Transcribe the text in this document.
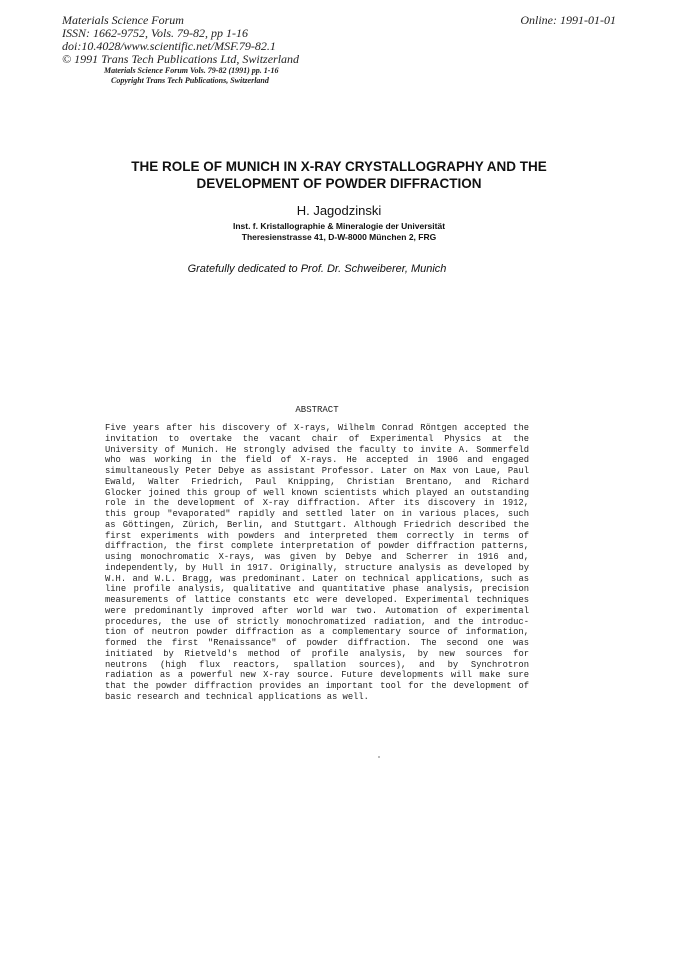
Materials Science Forum
ISSN: 1662-9752, Vols. 79-82, pp 1-16
doi:10.4028/www.scientific.net/MSF.79-82.1
© 1991 Trans Tech Publications Ltd, Switzerland
Online: 1991-01-01
Materials Science Forum Vols. 79-82 (1991) pp. 1-16
Copyright Trans Tech Publications, Switzerland
THE ROLE OF MUNICH IN X-RAY CRYSTALLOGRAPHY AND THE
DEVELOPMENT OF POWDER DIFFRACTION
H. Jagodzinski
Inst. f. Kristallographie & Mineralogie der Universität
Theresienstrasse 41, D-W-8000 München 2, FRG
Gratefully dedicated to Prof. Dr. Schweiberer, Munich
ABSTRACT
Five years after his discovery of X-rays, Wilhelm Conrad Röntgen accepted the
invitation to overtake the vacant chair of Experimental Physics at the
University of Munich. He strongly advised the faculty to invite A. Sommerfeld
who was working in the field of X-rays. He accepted in 1906 and engaged
simultaneously Peter Debye as assistant Professor. Later on Max von Laue, Paul
Ewald, Walter Friedrich, Paul Knipping, Christian Brentano, and Richard
Glocker joined this group of well known scientists which played an outstanding
role in the development of X-ray diffraction. After its discovery in 1912,
this group "evaporated" rapidly and settled later on in various places, such
as Göttingen, Zürich, Berlin, and Stuttgart. Although Friedrich described the
first experiments with powders and interpreted them correctly in terms of
diffraction, the first complete interpretation of powder diffraction patterns,
using monochromatic X-rays, was given by Debye and Scherrer in 1916 and,
independently, by Hull in 1917. Originally, structure analysis as developed by
W.H. and W.L. Bragg, was predominant. Later on technical applications, such as
line profile analysis, qualitative and quantitative phase analysis, precision
measurements of lattice constants etc were developed. Experimental techniques
were predominantly improved after world war two. Automation of experimental
procedures, the use of strictly monochromatized radiation, and the introduc-
tion of neutron powder diffraction as a complementary source of information,
formed the first "Renaissance" of powder diffraction. The second one was
initiated by Rietveld's method of profile analysis, by new sources for
neutrons (high flux reactors, spallation sources), and by Synchrotron
radiation as a powerful new X-ray source. Future developments will make sure
that the powder diffraction provides an important tool for the development of
basic research and technical applications as well.
